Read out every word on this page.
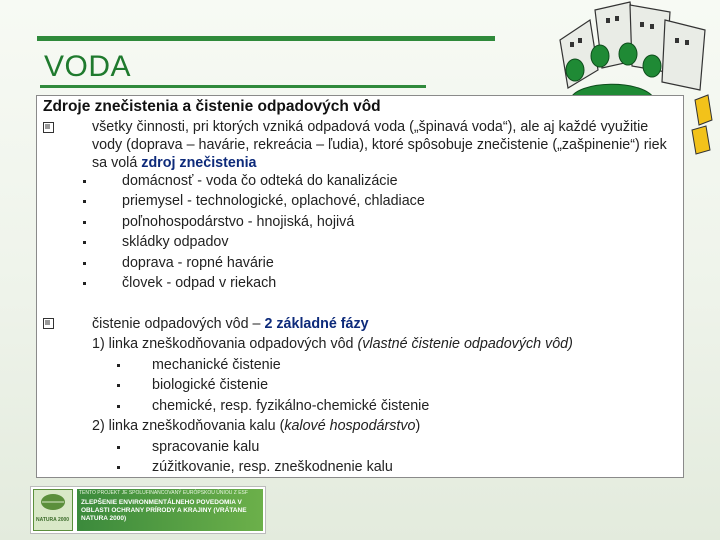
VODA
Zdroje znečistenia a čistenie odpadových vôd
všetky činnosti, pri ktorých vzniká odpadová voda („špinavá voda“), ale aj každé využitie vody (doprava – havárie, rekreácia – ľudia), ktoré spôsobuje znečistenie („zašpinenie“) riek sa volá zdroj znečistenia
domácnosť - voda čo odteká do kanalizácie
priemysel - technologické, oplachové, chladiace
poľnohospodárstvo - hnojiská, hojivá
skládky odpadov
doprava - ropné havárie
človek - odpad v riekach
čistenie odpadových vôd – 2 základné fázy
1) linka zneškodňovania odpadových vôd (vlastné čistenie odpadových vôd)
mechanické čistenie
biologické čistenie
chemické, resp. fyzikálno-chemické čistenie
2) linka zneškodňovania kalu (kalové hospodárstvo)
spracovanie kalu
zúžitkovanie, resp. zneškodnenie kalu
NATURA 2000
TENTO PROJEKT JE SPOLUFINANCOVANÝ EURÓPSKOU ÚNIOU Z ESF
ZLEPŠENIE ENVIRONMENTÁLNEHO POVEDOMIA V OBLASTI OCHRANY PRÍRODY A KRAJINY (VRÁTANE NATURA 2000)
